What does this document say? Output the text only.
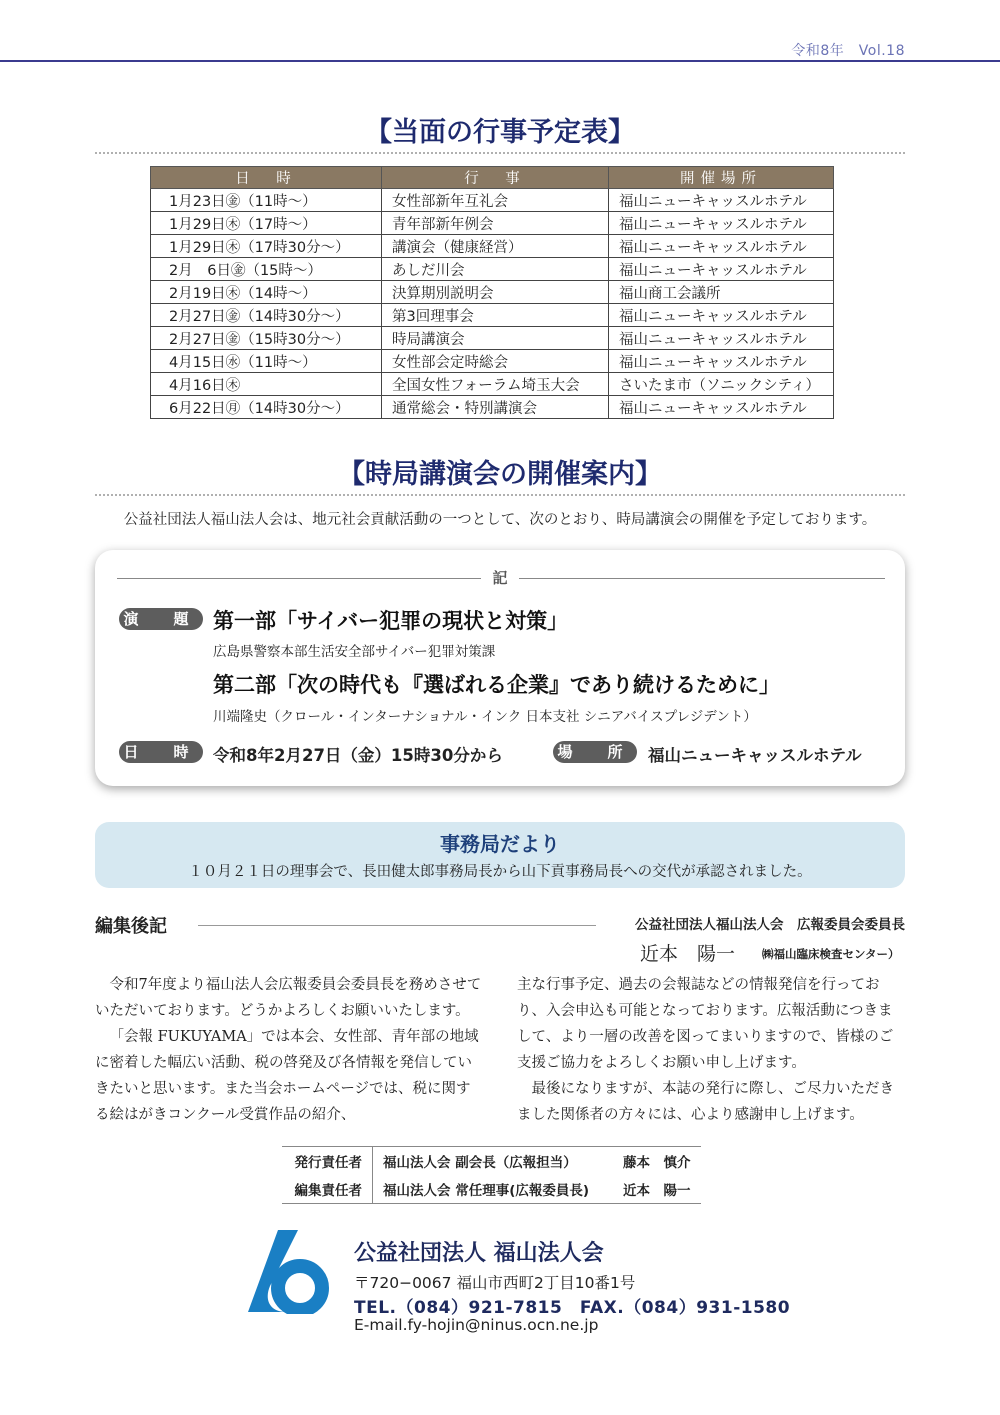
令和8年　Vol.18
【当面の行事予定表】
日　時	行　事	開催場所
1月23日㊎（11時～）	女性部新年互礼会	福山ニューキャッスルホテル
1月29日㊍（17時～）	青年部新年例会	福山ニューキャッスルホテル
1月29日㊍（17時30分～）	講演会（健康経営）	福山ニューキャッスルホテル
2月　6日㊎（15時～）	あしだ川会	福山ニューキャッスルホテル
2月19日㊍（14時～）	決算期別説明会	福山商工会議所
2月27日㊎（14時30分～）	第3回理事会	福山ニューキャッスルホテル
2月27日㊎（15時30分～）	時局講演会	福山ニューキャッスルホテル
4月15日㊌（11時～）	女性部会定時総会	福山ニューキャッスルホテル
4月16日㊍	全国女性フォーラム埼玉大会	さいたま市（ソニックシティ）
6月22日㊊（14時30分～）	通常総会・特別講演会	福山ニューキャッスルホテル
【時局講演会の開催案内】
公益社団法人福山法人会は、地元社会貢献活動の一つとして、次のとおり、時局講演会の開催を予定しております。
記
演　題 第一部「サイバー犯罪の現状と対策」
広島県警察本部生活安全部サイバー犯罪対策課
第二部「次の時代も『選ばれる企業』であり続けるために」
川端隆史（クロール・インターナショナル・インク 日本支社 シニアバイスプレジデント）
日　時 令和8年2月27日（金）15時30分から	場　所 福山ニューキャッスルホテル
事務局だより
１０月２１日の理事会で、長田健太郎事務局長から山下貢事務局長への交代が承認されました。
編集後記	公益社団法人福山法人会　広報委員会委員長
近本　陽一 ㈱福山臨床検査センター）

令和7年度より福山法人会広報委員会委員長を務めさせていただいております。どうかよろしくお願いいたします。

「会報 FUKUYAMA」では本会、女性部、青年部の地域に密着した幅広い活動、税の啓発及び各情報を発信していきたいと思います。また当会ホームページでは、税に関する絵はがきコンクール受賞作品の紹介、

主な行事予定、過去の会報誌などの情報発信を行っており、入会申込も可能となっております。広報活動につきまして、より一層の改善を図ってまいりますので、皆様のご支援ご協力をよろしくお願い申し上げます。

最後になりますが、本誌の発行に際し、ご尽力いただきました関係者の方々には、心より感謝申し上げます。

発行責任者	福山法人会 副会長（広報担当）	藤本　慎介
編集責任者	福山法人会 常任理事(広報委員長)	近本　陽一
公益社団法人 福山法人会
〒720−0067 福山市西町2丁目10番1号
TEL.（084）921-7815　FAX.（084）931-1580
E-mail.fy-hojin@ninus.ocn.ne.jp
